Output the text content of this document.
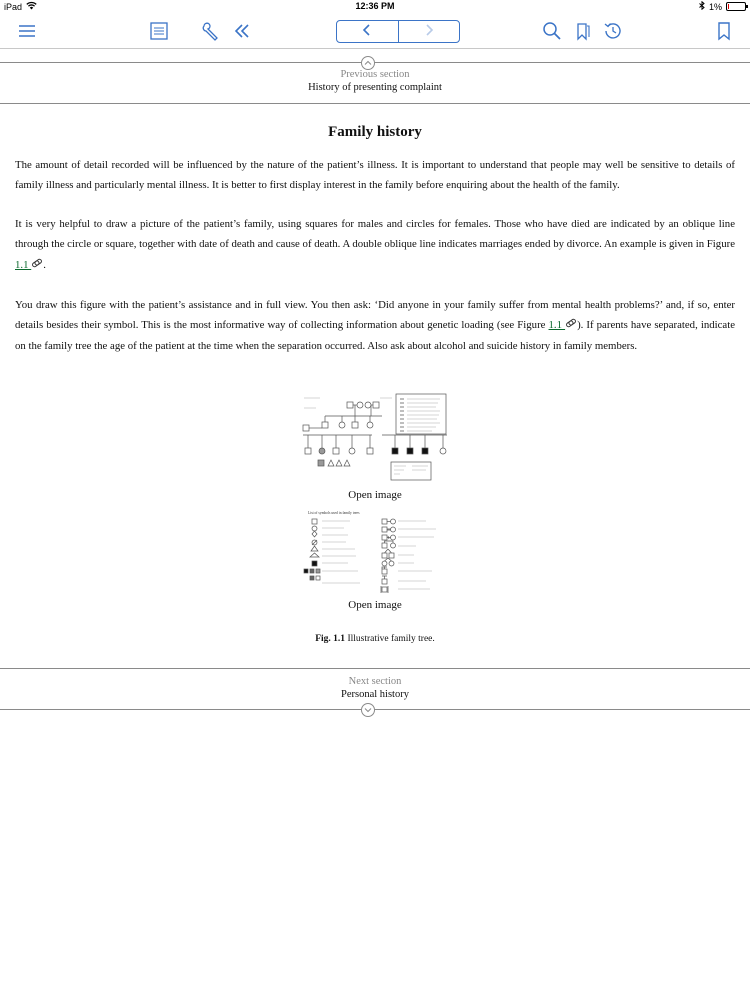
iPad	12:36 PM	1%
Previous section
History of presenting complaint
Family history

The amount of detail recorded will be influenced by the nature of the patient’s illness. It is important to understand that people may well be sensitive to details of family illness and particularly mental illness. It is better to first display interest in the family before enquiring about the health of the family.

It is very helpful to draw a picture of the patient’s family, using squares for males and circles for females. Those who have died are indicated by an oblique line through the circle or square, together with date of death and cause of death. A double oblique line indicates marriages ended by divorce. An example is given in Figure 1.1 .

You draw this figure with the patient’s assistance and in full view. You then ask: ‘Did anyone in your family suffer from mental health problems?’ and, if so, enter details besides their symbol. This is the most informative way of collecting information about genetic loading (see Figure 1.1 ). If parents have separated, indicate on the family tree the age of the patient at the time when the separation occurred. Also ask about alcohol and suicide history in family members.

Open image
List of symbols used in family trees
Open image
Fig. 1.1 Illustrative family tree.
Next section
Personal history
